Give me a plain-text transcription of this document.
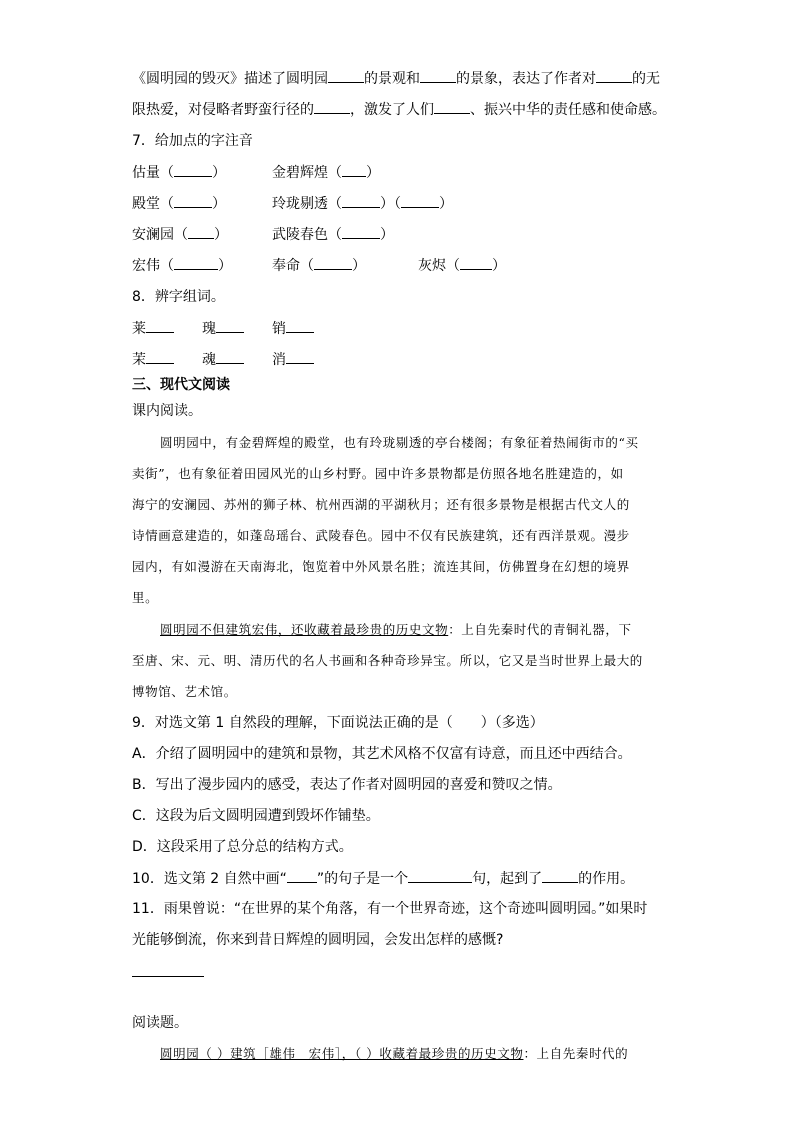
《圆明园的毁灭》描述了圆明园	的景观和	的景象，表达了作者对	的无
限热爱，对侵略者野蛮行径的	，激发了人们	、振兴中华的责任感和使命感。
7．给加点的字注音
估量（	）	金碧辉煌（ ）
殿堂（	）	玲珑剔透（	）（	）
安澜园（ ）	武陵春色（	）
宏伟（	）	奉命（	）	灰烬（ ）
8．辨字组词。
莱	瑰	销
茉	魂	消
三、现代文阅读
课内阅读。
圆明园中，有金碧辉煌的殿堂，也有玲珑剔透的亭台楼阁；有象征着热闹街市的“买
卖街”，也有象征着田园风光的山乡村野。园中许多景物都是仿照各地名胜建造的，如
海宁的安澜园、苏州的狮子林、杭州西湖的平湖秋月；还有很多景物是根据古代文人的
诗情画意建造的，如蓬岛瑶台、武陵春色。园中不仅有民族建筑，还有西洋景观。漫步
园内，有如漫游在天南海北，饱览着中外风景名胜；流连其间，仿佛置身在幻想的境界
里。
圆明园不但建筑宏伟，还收藏着最珍贵的历史文物：上自先秦时代的青铜礼器，下
至唐、宋、元、明、清历代的名人书画和各种奇珍异宝。所以，它又是当时世界上最大的
博物馆、艺术馆。
9．对选文第 1 自然段的理解，下面说法正确的是（　　）（多选）
A．介绍了圆明园中的建筑和景物，其艺术风格不仅富有诗意，而且还中西结合。
B．写出了漫步园内的感受，表达了作者对圆明园的喜爱和赞叹之情。
C．这段为后文圆明园遭到毁坏作铺垫。
D．这段采用了总分总的结构方式。
10．选文第 2 自然中画“ ”的句子是一个	句，起到了	的作用。
11．雨果曾说：“在世界的某个角落，有一个世界奇迹，这个奇迹叫圆明园。”如果时
光能够倒流，你来到昔日辉煌的圆明园，会发出怎样的感慨?
阅读题。
圆明园（ ）建筑［雄伟　宏伟］，（ ）收藏着最珍贵的历史文物：上自先秦时代的
